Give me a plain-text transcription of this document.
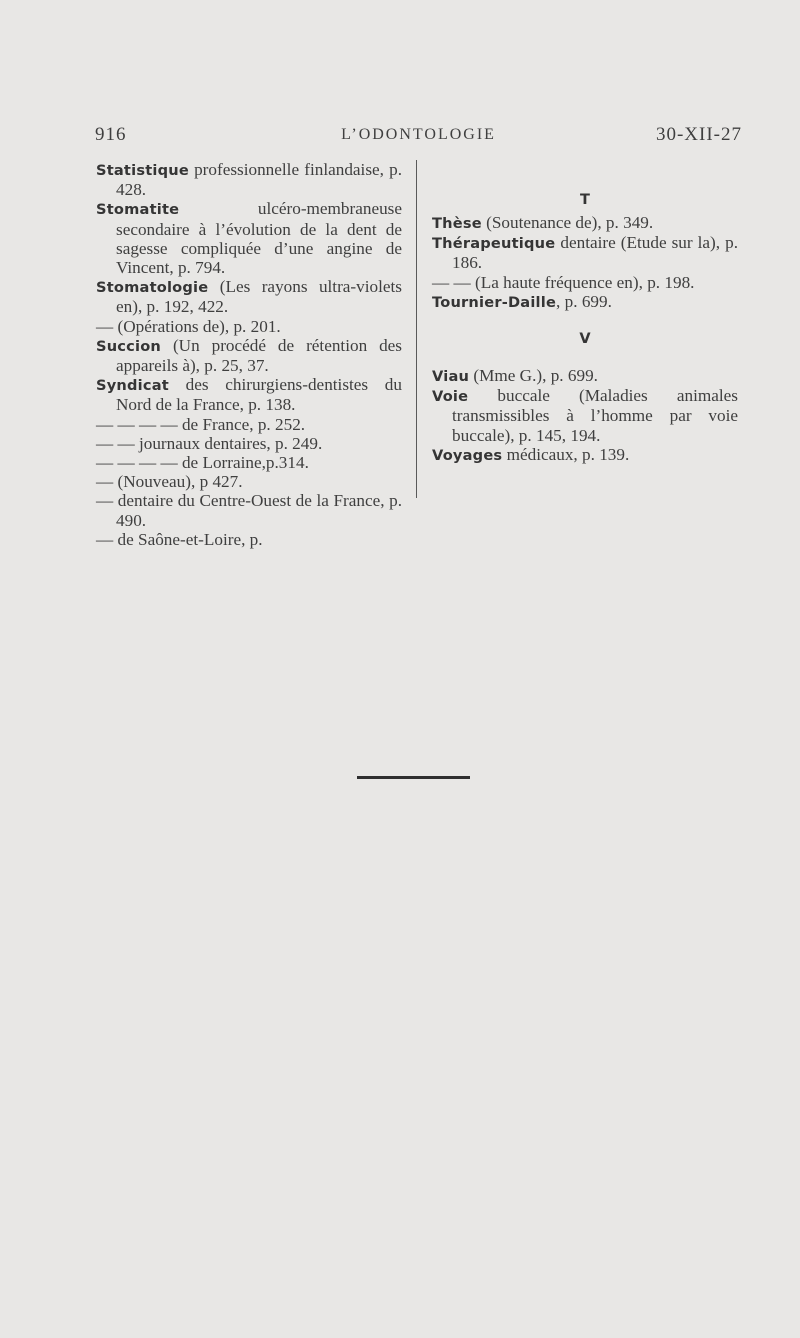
916	L’ODONTOLOGIE	30-XII-27

Statistique professionnelle finlandaise, p. 428.

Stomatite ulcéro-membraneuse secondaire à l’évolution de la dent de sagesse compliquée d’une angine de Vincent, p. 794.

Stomatologie (Les rayons ultra-violets en), p. 192, 422.

— (Opérations de), p. 201.

Succion (Un procédé de rétention des appareils à), p. 25, 37.

Syndicat des chirurgiens-dentistes du Nord de la France, p. 138.

— — — — de France, p. 252.

— — journaux dentaires, p. 249.

— — — — de Lorraine,p.314.

— (Nouveau), p 427.

— dentaire du Centre-Ouest de la France, p. 490.

— de Saône-et-Loire, p.

T

Thèse (Soutenance de), p. 349.

Thérapeutique dentaire (Etude sur la), p. 186.

— — (La haute fréquence en), p. 198.

Tournier-Daille, p. 699.

V

Viau (Mme G.), p. 699.

Voie buccale (Maladies animales transmissibles à l’homme par voie buccale), p. 145, 194.

Voyages médicaux, p. 139.
